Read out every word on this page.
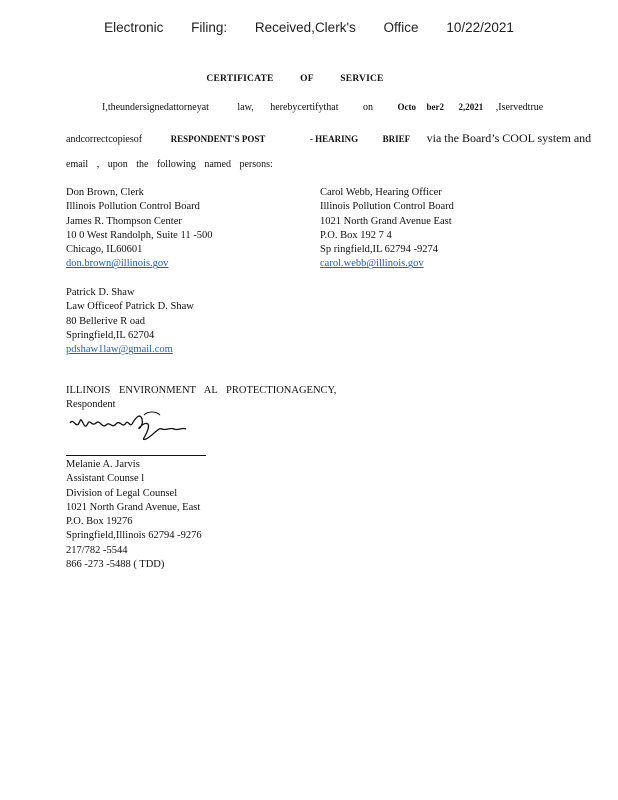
Electronic Filing: Received,Clerk's Office 10/22/2021
CERTIFICATE	OF	SERVICE
I,theundersignedattorneyat	law, herebycertifythat on	Octo ber2 2,2021 ,Iservedtrue
andcorrectcopiesof	RESPONDENT'S POST	- HEARING	BRIEF via the Board’s COOL system and
email , upon the following named persons:
Don Brown, Clerk
Illinois Pollution Control Board
James R. Thompson Center
10 0 West Randolph, Suite 11 -500
Chicago, IL60601
don.brown@illinois.gov
Carol Webb, Hearing Officer
Illinois Pollution Control Board
1021 North Grand Avenue East
P.O. Box 192 7 4
Sp ringfield,IL 62794 -9274
carol.webb@illinois.gov
Patrick D. Shaw
Law Officeof Patrick D. Shaw
80 Bellerive R oad
Springfield,IL 62704
pdshaw1law@gmail.com
ILLINOIS ENVIRONMENT AL PROTECTIONAGENCY,
Respondent
Melanie A. Jarvis
Assistant Counse l
Division of Legal Counsel
1021 North Grand Avenue, East
P.O. Box 19276
Springfield,Illinois 62794 -9276
217/782 -5544
866 -273 -5488 ( TDD)
